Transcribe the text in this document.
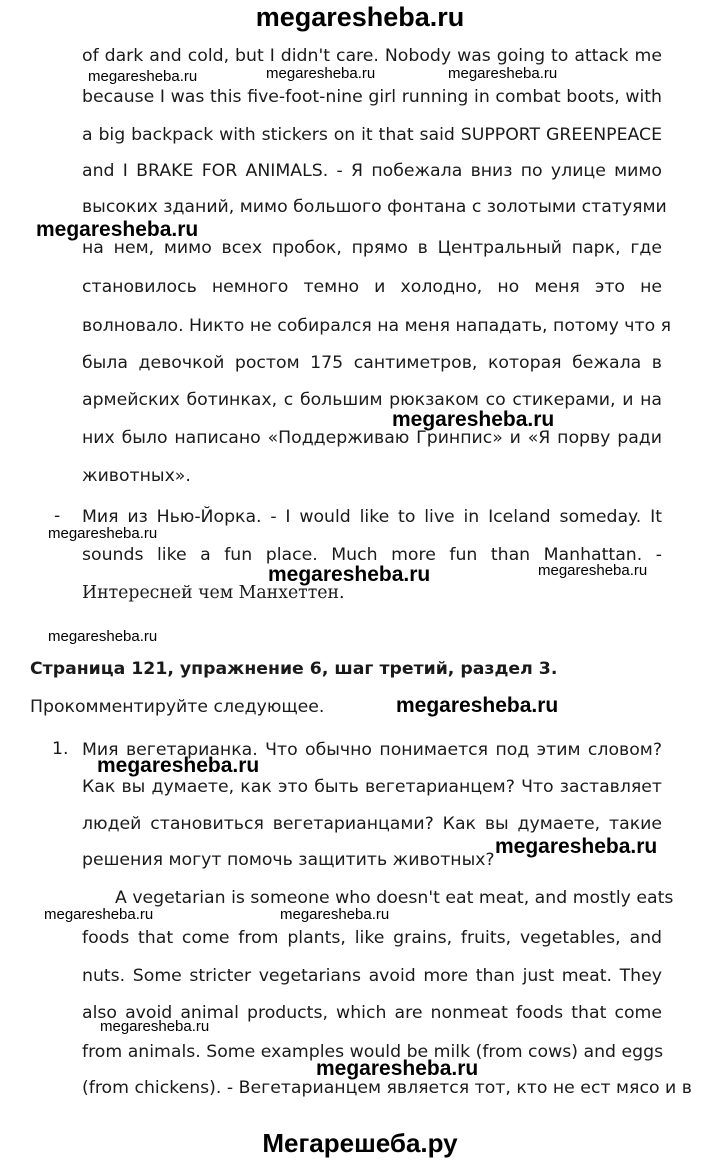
megaresheba.ru
of dark and cold, but I didn't care. Nobody was going to attack me
because I was this five-foot-nine girl running in combat boots, with
a big backpack with stickers on it that said SUPPORT GREENPEACE
and I BRAKE FOR ANIMALS. - Я побежала вниз по улице мимо
высоких зданий, мимо большого фонтана с золотыми статуями
на нем, мимо всех пробок, прямо в Центральный парк, где
становилось немного темно и холодно, но меня это не
волновало. Никто не собирался на меня нападать, потому что я
была девочкой ростом 175 сантиметров, которая бежала в
армейских ботинках, с большим рюкзаком со стикерами, и на
них было написано «Поддерживаю Гринпис» и «Я порву ради
животных».
- Мия из Нью-Йорка. - I would like to live in Iceland someday. It
sounds like a fun place. Much more fun than Manhattan. -
Интересней чем Манхеттен.
Страница 121, упражнение 6, шаг третий, раздел 3.
Прокомментируйте следующее.
1. Мия вегетарианка. Что обычно понимается под этим словом?
Как вы думаете, как это быть вегетарианцем? Что заставляет
людей становиться вегетарианцами? Как вы думаете, такие
решения могут помочь защитить животных?
A vegetarian is someone who doesn't eat meat, and mostly eats
foods that come from plants, like grains, fruits, vegetables, and
nuts. Some stricter vegetarians avoid more than just meat. They
also avoid animal products, which are nonmeat foods that come
from animals. Some examples would be milk (from cows) and eggs
(from chickens). - Вегетарианцем является тот, кто не ест мясо и в
megaresheba.ru	megaresheba.ru	megaresheba.ru
megaresheba.ru
megaresheba.ru
megaresheba.ru
megaresheba.ru	megaresheba.ru
megaresheba.ru
megaresheba.ru
megaresheba.ru
megaresheba.ru
megaresheba.ru
megaresheba.ru
megaresheba.ru
megaresheba.ru
Мегарешеба.ру
